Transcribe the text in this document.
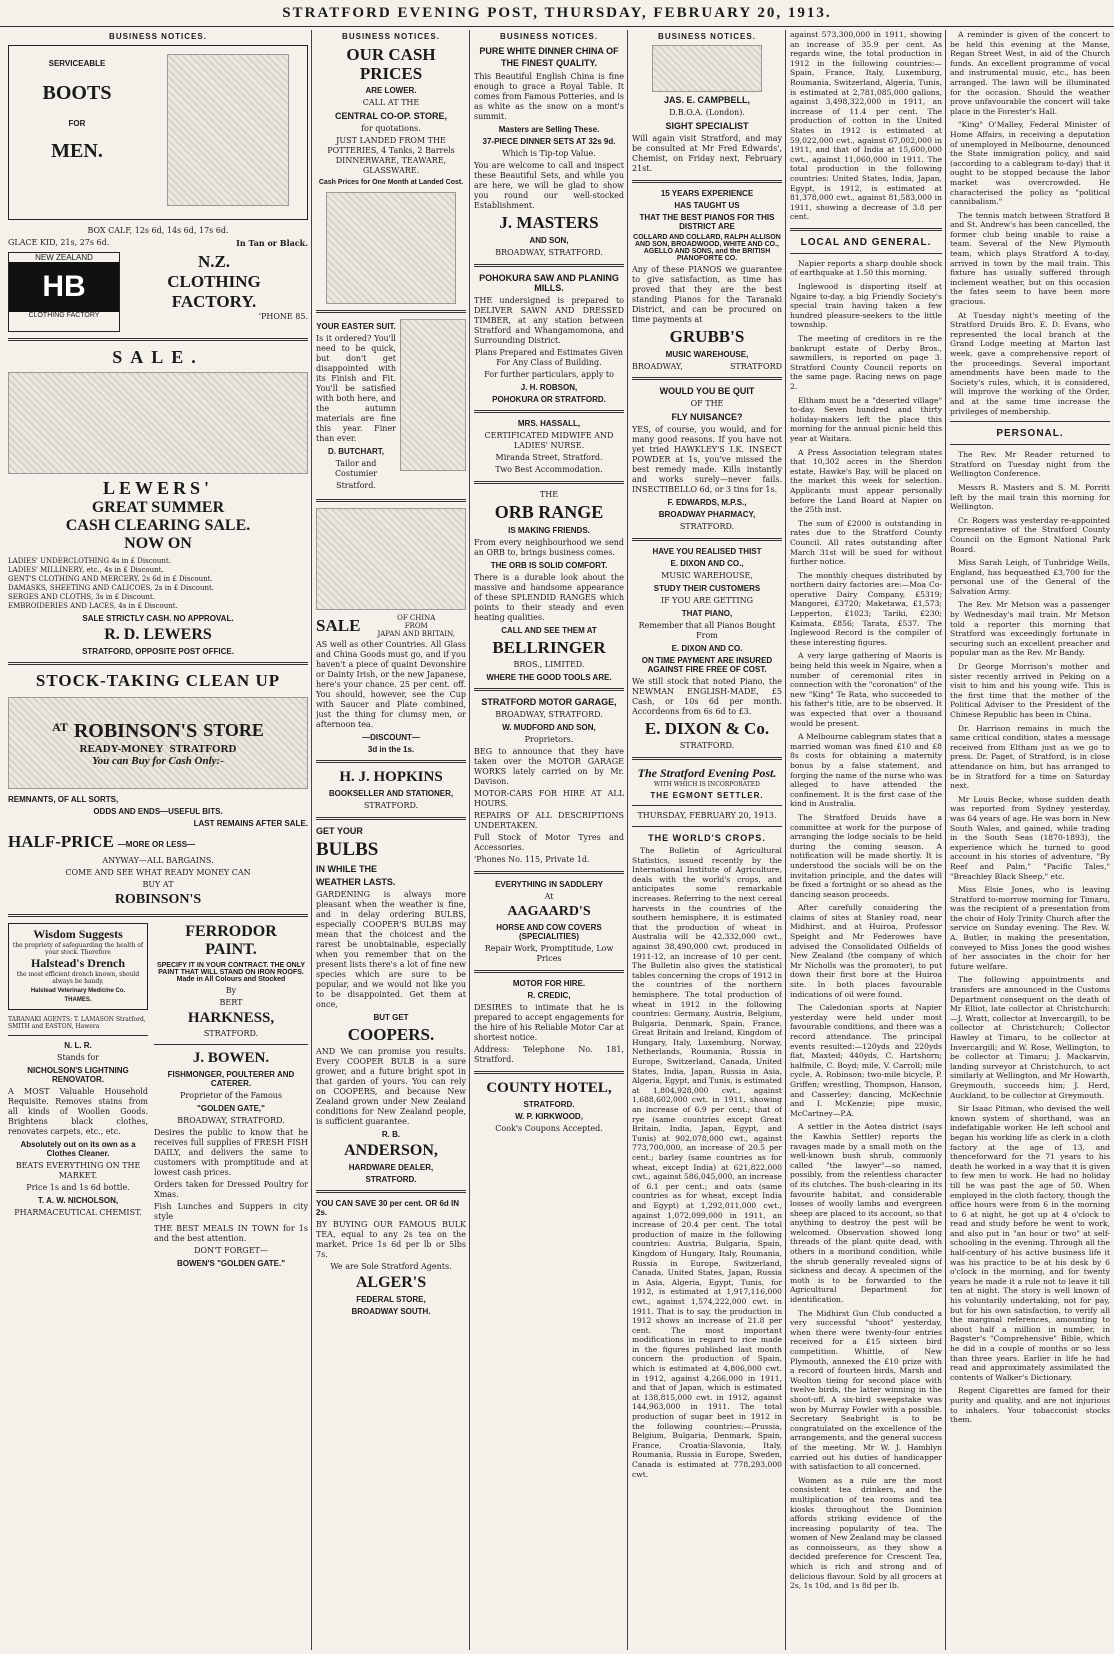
STRATFORD EVENING POST, THURSDAY, FEBRUARY 20, 1913.
BUSINESS NOTICES.
SERVICEABLE
BOOTS
FOR
MEN.
BOX CALF, 12s 6d, 14s 6d, 17s 6d.
GLACE KID, 21s, 27s 6d.	In Tan or Black.
NEW ZEALAND
HB
CLOTHING FACTORY
N.Z.
CLOTHING
FACTORY.
'PHONE 85.
SALE.
LEWERS'
GREAT SUMMER
CASH CLEARING SALE.
NOW ON
LADIES' UNDERCLOTHING 4s in £ Discount.
LADIES' MILLINERY, etc., 4s in £ Discount.
GENT'S CLOTHING AND MERCERY, 2s 6d in £ Discount.
DAMASKS, SHEETING AND CALICOES, 2s in £ Discount.
SERGES AND CLOTHS, 3s in £ Discount.
EMBROIDERIES AND LACES, 4s in £ Discount.
SALE STRICTLY CASH. NO APPROVAL.
R. D. LEWERS
STRATFORD, OPPOSITE POST OFFICE.
STOCK-TAKING CLEAN UP
AT ROBINSON'S STORE
READY-MONEY STRATFORD
You can Buy for Cash Only:-
REMNANTS, OF ALL SORTS,
ODDS AND ENDS—USEFUL BITS.
LAST REMAINS AFTER SALE.
HALF-PRICE —MORE OR LESS—
ANYWAY—ALL BARGAINS.
COME AND SEE WHAT READY MONEY CAN
BUY AT
ROBINSON'S
Wisdom Suggests
the propriety of safeguarding the health of your stock. Therefore
Halstead's Drench
the most efficient drench known, should always be handy.
Halstead Veterinary Medicine Co.
THAMES.
TARANAKI AGENTS: T. LAMASON Stratford, SMITH and EASTON, Hawera
N. L. R.
Stands for
NICHOLSON'S LIGHTNING RENOVATOR.
A MOST Valuable Household Requisite. Removes stains from all kinds of Woollen Goods. Brightens black clothes, renovates carpets, etc., etc.
Absolutely out on its own as a Clothes Cleaner.
BEATS EVERYTHING ON THE MARKET.
Price 1s and 1s 6d bottle.
T. A. W. NICHOLSON,
PHARMACEUTICAL CHEMIST.
FERRODOR
PAINT.
SPECIFY IT IN YOUR CONTRACT. THE ONLY PAINT THAT WILL STAND ON IRON ROOFS. Made in All Colours and Stocked
By
BERT
HARKNESS,
STRATFORD.
J. BOWEN.
FISHMONGER, POULTERER AND CATERER.
Proprietor of the Famous
"GOLDEN GATE,"
BROADWAY, STRATFORD.
Desires the public to know that he receives full supplies of FRESH FISH DAILY, and delivers the same to customers with promptitude and at lowest cash prices.
Orders taken for Dressed Poultry for Xmas.
Fish Lunches and Suppers in city style
THE BEST MEALS IN TOWN for 1s and the best attention.
DON'T FORGET—
BOWEN'S "GOLDEN GATE."
BUSINESS NOTICES.
OUR CASH PRICES
ARE LOWER.
CALL AT THE
CENTRAL CO-OP. STORE,
for quotations.
JUST LANDED FROM THE POTTERIES, 4 Tanks, 2 Barrels DINNERWARE, TEAWARE, GLASSWARE.
Cash Prices for One Month at Landed Cost.
YOUR EASTER SUIT.
Is it ordered? You'll need to be quick, but don't get disappointed with its Finish and Fit. You'll be satisfied with both here, and the autumn materials are fine this year. Finer than ever.
D. BUTCHART,
Tailor and Costumier
Stratford.
SALE	OF CHINA
FROM
JAPAN AND BRITAIN,
AS well as other Countries. All Glass and China Goods must go, and if you haven't a piece of quaint Devonshire or Dainty Irish, or the new Japanese, here's your chance. 25 per cent. off. You should, however, see the Cup with Saucer and Plate combined, just the thing for clumsy men, or afternoon tea.
—DISCOUNT—
3d in the 1s.
H. J. HOPKINS
BOOKSELLER AND STATIONER,
STRATFORD.
GET YOUR
BULBS
IN WHILE THE
WEATHER LASTS.
GARDENING is always more pleasant when the weather is fine, and in delay ordering BULBS, especially COOPER'S BULBS may mean that the choicest and the rarest be unobtainable, especially when you remember that on the present lists there's a lot of fine new species which are sure to be popular, and we would not like you to be disappointed. Get them at once,
BUT GET
COOPERS.
AND We can promise you results. Every COOPER BULB is a sure grower, and a future bright spot in that garden of yours. You can rely on COOPERS, and because New Zealand grown under New Zealand conditions for New Zealand people, is sufficient guarantee.
R. B.
ANDERSON,
HARDWARE DEALER,
STRATFORD.
YOU CAN SAVE 30 per cent. OR 6d IN 2s.
BY BUYING OUR FAMOUS BULK TEA, equal to any 2s tea on the market. Price 1s 6d per lb or 5lbs 7s.
We are Sole Stratford Agents.
ALGER'S
FEDERAL STORE,
BROADWAY SOUTH.
BUSINESS NOTICES.
PURE WHITE DINNER CHINA OF THE FINEST QUALITY.
This Beautiful English China is fine enough to grace a Royal Table. It comes from Famous Potteries, and is as white as the snow on a mont's summit.
Masters are Selling These.
37-PIECE DINNER SETS AT 32s 9d.
Which is Tip-top Value.
You are welcome to call and inspect these Beautiful Sets, and while you are here, we will be glad to show you round our well-stocked Establishment.
J. MASTERS
AND SON,
BROADWAY, STRATFORD.
POHOKURA SAW AND PLANING MILLS.
THE undersigned is prepared to DELIVER SAWN AND DRESSED TIMBER, at any station between Stratford and Whangamomona, and Surrounding District.
Plans Prepared and Estimates Given For Any Class of Building.
For further particulars, apply to
J. H. ROBSON,
POHOKURA OR STRATFORD.
MRS. HASSALL,
CERTIFICATED MIDWIFE AND LADIES' NURSE.
Miranda Street, Stratford.
Two Best Accommodation.
THE
ORB RANGE
IS MAKING FRIENDS.
From every neighbourhood we send an ORB to, brings business comes.
THE ORB IS SOLID COMFORT.
There is a durable look about the massive and handsome appearance of these SPLENDID RANGES which points to their steady and even heating qualities.
CALL AND SEE THEM AT
BELLRINGER
BROS., LIMITED.
WHERE THE GOOD TOOLS ARE.
STRATFORD MOTOR GARAGE,
BROADWAY, STRATFORD.
W. MUDFORD AND SON,
Proprietors.
BEG to announce that they have taken over the MOTOR GARAGE WORKS lately carried on by Mr. Davison.
MOTOR-CARS FOR HIRE AT ALL HOURS.
REPAIRS OF ALL DESCRIPTIONS UNDERTAKEN.
Full Stock of Motor Tyres and Accessories.
'Phones No. 115, Private 1d.
EVERYTHING IN SADDLERY
At
AAGAARD'S
HORSE AND COW COVERS (SPECIALITIES)
Repair Work, Promptitude, Low Prices
MOTOR FOR HIRE.
R. CREDIC,
DESIRES to intimate that he is prepared to accept engagements for the hire of his Reliable Motor Car at shortest notice.
Address: Telephone No. 181, Stratford.
COUNTY HOTEL,
STRATFORD.
W. P. KIRKWOOD,
Cook's Coupons Accepted.
BUSINESS NOTICES.
JAS. E. CAMPBELL,
D.B.O.A. (London).
SIGHT SPECIALIST
Will again visit Stratford, and may be consulted at Mr Fred Edwards', Chemist, on Friday next, February 21st.
15 YEARS EXPERIENCE
HAS TAUGHT US
THAT THE BEST PIANOS FOR THIS DISTRICT ARE
COLLARD AND COLLARD, RALPH ALLISON AND SON, BROADWOOD, WHITE AND CO., AGELLO AND SONS, and the BRITISH PIANOFORTE CO.
Any of these PIANOS we guarantee to give satisfaction, as time has proved that they are the best standing Pianos for the Taranaki District, and can be procured on time payments at
GRUBB'S
MUSIC WAREHOUSE,
BROADWAY,	STRATFORD
WOULD YOU BE QUIT
OF THE
FLY NUISANCE?
YES, of course, you would, and for many good reasons. If you have not yet tried HAWKLEY'S I.K. INSECT POWDER at 1s, you've missed the best remedy made. Kills instantly and works surely—never fails. INSECTIBELLO 6d, or 3 tins for 1s.
F. EDWARDS, M.P.S.,
BROADWAY PHARMACY,
STRATFORD.
HAVE YOU REALISED THIST
E. DIXON AND CO.,
MUSIC WAREHOUSE,
STUDY THEIR CUSTOMERS
IF YOU ARE GETTING
THAT PIANO,
Remember that all Pianos Bought From
E. DIXON AND CO.
ON TIME PAYMENT ARE INSURED AGAINST FIRE FREE OF COST.
We still stock that noted Piano, the NEWMAN ENGLISH-MADE, £5 Cash, or 10s 6d per month. Accordeons from 6s 6d to £3.
E. DIXON & Co.
STRATFORD.
The Stratford Evening Post.
WITH WHICH IS INCORPORATED
THE EGMONT SETTLER.
THURSDAY, FEBRUARY 20, 1913.
THE WORLD'S CROPS.
The Bulletin of Agricultural Statistics, issued recently by the International Institute of Agriculture, deals with the world's crops, and anticipates some remarkable increases. Referring to the next cereal harvests in the countries of the southern hemisphere, it is estimated that the production of wheat in Australia will be 42,332,000 cwt., against 38,490,000 cwt. produced in 1911-12, an increase of 10 per cent. The Bulletin also gives the statistical tables concerning the crops of 1912 in the countries of the northern hemisphere. The total production of wheat in 1912 in the following countries: Germany, Austria, Belgium, Bulgaria, Denmark, Spain, France, Great Britain and Ireland, Kingdom of Hungary, Italy, Luxemburg, Norway, Netherlands, Roumania, Russia in Europe, Switzerland, Canada, United States, India, Japan, Russia in Asia, Algeria, Egypt, and Tunis, is estimated at 1,804,928,000 cwt., against 1,688,602,000 cwt. in 1911, showing an increase of 6.9 per cent.; that of rye (same countries except Great Britain, India, Japan, Egypt, and Tunis) at 902,078,000 cwt., against 773,700,000, an increase of 20.5 per cent.; barley (same countries as for wheat, except India) at 621,822,000 cwt., against 586,045,000, an increase of 6.1 per cent.; and oats (same countries as for wheat, except India and Egypt) at 1,292,011,000 cwt., against 1,072,099,000 in 1911, an increase of 20.4 per cent. The total production of maize in the following countries: Austria, Bulgaria, Spain, Kingdom of Hungary, Italy, Roumania, Russia in Europe, Switzerland, Canada, United States, Japan, Russia in Asia, Algeria, Egypt, Tunis, for 1912, is estimated at 1,917,116,000 cwt., against 1,574,222,000 cwt. in 1911. That is to say, the production in 1912 shows an increase of 21.8 per cent. The most important modifications in regard to rice made in the figures published last month concern the production of Spain, which is estimated at 4,806,000 cwt. in 1912, against 4,266,000 in 1911, and that of Japan, which is estimated at 138,815,000 cwt. in 1912, against 144,963,000 in 1911. The total production of sugar beet in 1912 in the following countries:—Prussia, Belgium, Bulgaria, Denmark, Spain, France, Croatia-Slavonia, Italy, Roumania, Russia in Europe, Sweden, Canada is estimated at 778,293,000 cwt.
against 573,300,000 in 1911, showing an increase of 35.9 per cent. As regards wine, the total production in 1912 in the following countries:—Spain, France, Italy, Luxemburg, Roumania, Switzerland, Algeria, Tunis, is estimated at 2,781,085,000 gallons, against 3,498,322,000 in 1911, an increase of 11.4 per cent. The production of cotton in the United States in 1912 is estimated at 59,022,000 cwt., against 67,002,000 in 1911, and that of India at 15,600,000 cwt., against 11,060,000 in 1911. The total production in the following countries: United States, India, Japan, Egypt, is 1912, is estimated at 81,378,000 cwt., against 81,583,000 in 1911, showing a decrease of 3.8 per cent.
LOCAL AND GENERAL.
Napier reports a sharp double shock of earthquake at 1.50 this morning.
Inglewood is disporting itself at Ngaire to-day, a big Friendly Society's special train having taken a few hundred pleasure-seekers to the little township.
The meeting of creditors in re the bankrupt estate of Derby Bros., sawmillers, is reported on page 3. Stratford County Council reports on the same page. Racing news on page 2.
Eltham must be a "deserted village" to-day. Seven hundred and thirty holiday-makers left the place this morning for the annual picnic held this year at Waitara.
A Press Association telegram states that 10,302 acres in the Sherdon estate, Hawke's Bay, will be placed on the market this week for selection. Applicants must appear personally before the Land Board at Napier on the 25th inst.
The sum of £2000 is outstanding in rates due to the Stratford County Council. All rates outstanding after March 31st will be sued for without further notice.
The monthly cheques distributed by northern dairy factories are:—Moa Co-operative Dairy Company, £5319; Mangorei, £3720; Maketawa, £1,573; Lepperton, £1023; Tariki, £230; Kaimata, £856; Tarata, £537. The Inglewood Record is the compiler of these interesting figures.
A very large gathering of Maoris is being held this week in Ngaire, when a number of ceremonial rites in connection with the "coronation" of the new "King" Te Rata, who succeeded to his father's title, are to be observed. It was expected that over a thousand would be present.
A Melbourne cablegram states that a married woman was fined £10 and £8 8s costs for obtaining a maternity bonus by a false statement, and forging the name of the nurse who was alleged to have attended the confinement. It is the first case of the kind in Australia.
The Stratford Druids have a committee at work for the purpose of arranging the lodge socials to be held during the coming season. A notification will be made shortly. It is understood the socials will be on the invitation principle, and the dates will be fixed a fortnight or so ahead as the dancing season proceeds.
After carefully considering the claims of sites at Stanley road, near Midhirst, and at Huiroa, Professor Speight and Mr Federowes have advised the Consolidated Oilfields of New Zealand (the company of which Mr Nicholls was the promoter), to put down their first bore at the Huiroa site. In both places favourable indications of oil were found.
The Caledonian sports at Napier yesterday were held under most favourable conditions, and there was a record attendance. The principal events resulted:—120yds and 220yds flat, Maxted; 440yds, C. Hartshorn; halfmile, C. Boyd; mile, V. Carroll; mile cycle, A. Robinson; two-mile bicycle, P. Griffen; wrestling, Thompson, Hanson, and Casserley; dancing, McKechnie and I. McKenzie; pipe music, McCartney—P.A.
A settler in the Aotea district (says the Kawhia Settler) reports the ravages made by a small moth on the well-known bush shrub, commonly called "the lawyer"—so named, possibly, from the relentless character of its clutches. The bush-clearing in its favourite habitat, and considerable losses of woolly lambs and evergreen sheep are placed to its account, so that anything to destroy the pest will be welcomed. Observation showed long threads of the plant quite dead, with others in a moribund condition, while the shrub generally revealed signs of sickness and decay. A specimen of the moth is to be forwarded to the Agricultural Department for identification.
The Midhirst Gun Club conducted a very successful "shoot" yesterday, when there were twenty-four entries received for a £15 sixteen bird competition. Whittle, of New Plymouth, annexed the £10 prize with a record of fourteen birds, Marsh and Woolton tieing for second place with twelve birds, the latter winning in the shoot-off. A six-bird sweepstake was won by Murray Fowler with a possible. Secretary Seabright is to be congratulated on the excellence of the arrangements, and the general success of the meeting. Mr W. J. Hamblyn carried out his duties of handicapper with satisfaction to all concerned.
Women as a rule are the most consistent tea drinkers, and the multiplication of tea rooms and tea kiosks throughout the Dominion affords striking evidence of the increasing popularity of tea. The women of New Zealand may be classed as connoisseurs, as they show a decided preference for Crescent Tea, which is rich and strong and of delicious flavour. Sold by all grocers at 2s, 1s 10d, and 1s 8d per lb.
A reminder is given of the concert to be held this evening at the Manse, Regan Street West, in aid of the Church funds. An excellent programme of vocal and instrumental music, etc., has been arranged. The lawn will be illuminated for the occasion. Should the weather prove unfavourable the concert will take place in the Forester's Hall.
"King" O'Malley, Federal Minister of Home Affairs, in receiving a deputation of unemployed in Melbourne, denounced the State immigration policy, and said (according to a cablegram to-day) that it ought to be stopped because the labor market was overcrowded. He characterised the policy as "political cannibalism."
The tennis match between Stratford B and St. Andrew's has been cancelled, the former club being unable to raise a team. Several of the New Plymouth team, which plays Stratford A to-day, arrived in town by the mail train. This fixture has usually suffered through inclement weather, but on this occasion the fates seem to have been more gracious.
At Tuesday night's meeting of the Stratford Druids Bro. E. D. Evans, who represented the local branch at the Grand Lodge meeting at Marton last week, gave a comprehensive report of the proceedings. Several important amendments have been made to the Society's rules, which, it is considered, will improve the working of the Order, and at the same time increase the privileges of membership.
PERSONAL.
The Rev. Mr Reader returned to Stratford on Tuesday night from the Wellington Conference.
Messrs R. Masters and S. M. Porritt left by the mail train this morning for Wellington.
Cr. Rogers was yesterday re-appointed representative of the Stratford County Council on the Egmont National Park Board.
Miss Sarah Leigh, of Tunbridge Wells, England, has bequeathed £3,700 for the personal use of the General of the Salvation Army.
The Rev. Mr Metson was a passenger by Wednesday's mail train. Mr Metson told a reporter this morning that Stratford was exceedingly fortunate in securing such an excellent preacher and popular man as the Rev. Mr Bandy.
Dr George Morrison's mother and sister recently arrived in Peking on a visit to him and his young wife. This is the first time that the mother of the Political Adviser to the President of the Chinese Republic has been in China.
Dr. Harrison remains in much the same critical condition, states a message received from Eltham just as we go to press. Dr. Paget, of Stratford, is in close attendance on him, but has arranged to be in Stratford for a time on Saturday next.
Mr Louis Becke, whose sudden death was reported from Sydney yesterday, was 64 years of age. He was born in New South Wales, and gained, while trading in the South Seas (1870-1893), the experience which he turned to good account in his stories of adventure, "By Reef and Palm," "Pacific Tales," "Breachley Black Sheep," etc.
Miss Elsie Jones, who is leaving Stratford to-morrow morning for Timaru, was the recipient of a presentation from the choir of Holy Trinity Church after the service on Sunday evening. The Rev. W. A. Butler, in making the presentation, conveyed to Miss Jones the good wishes of her associates in the choir for her future welfare.
The following appointments and transfers are announced in the Customs Department consequent on the death of Mr Elliot, late collector at Christchurch:—J. Wratt, collector at Invercargill, to be collector at Christchurch; Collector Hawley at Timaru, to be collector at Invercargill; and W. Rose, Wellington, to be collector at Timaru; J. Mackarvin, landing surveyor at Christchurch, to act similarly at Wellington, and Mr Howarth, Greymouth, succeeds him; J. Herd, Auckland, to be collector at Greymouth.
Sir Isaac Pitman, who devised the well known system of shorthand, was an indefatigable worker. He left school and began his working life as clerk in a cloth factory at the age of 13, and thenceforward for the 71 years to his death he worked in a way that it is given to few men to work. He had no holiday till he was past the age of 50. When employed in the cloth factory, though the office hours were from 6 in the morning to 6 at night, he got up at 4 o'clock to read and study before he went to work, and also put in "an hour or two" at self-schooling in the evening. Through all the half-century of his active business life it was his practice to be at his desk by 6 o'clock in the morning, and for twenty years he made it a rule not to leave it till ten at night. The story is well known of his voluntarily undertaking, not for pay, but for his own satisfaction, to verify all the marginal references, amounting to about half a million in number, in Bagster's "Comprehensive" Bible, which he did in a couple of months or so less than three years. Earlier in life he had read and approximately assimilated the contents of Walker's Dictionary.
Regent Cigarettes are famed for their purity and quality, and are not injurious to inhalers. Your tobacconist stocks them.
